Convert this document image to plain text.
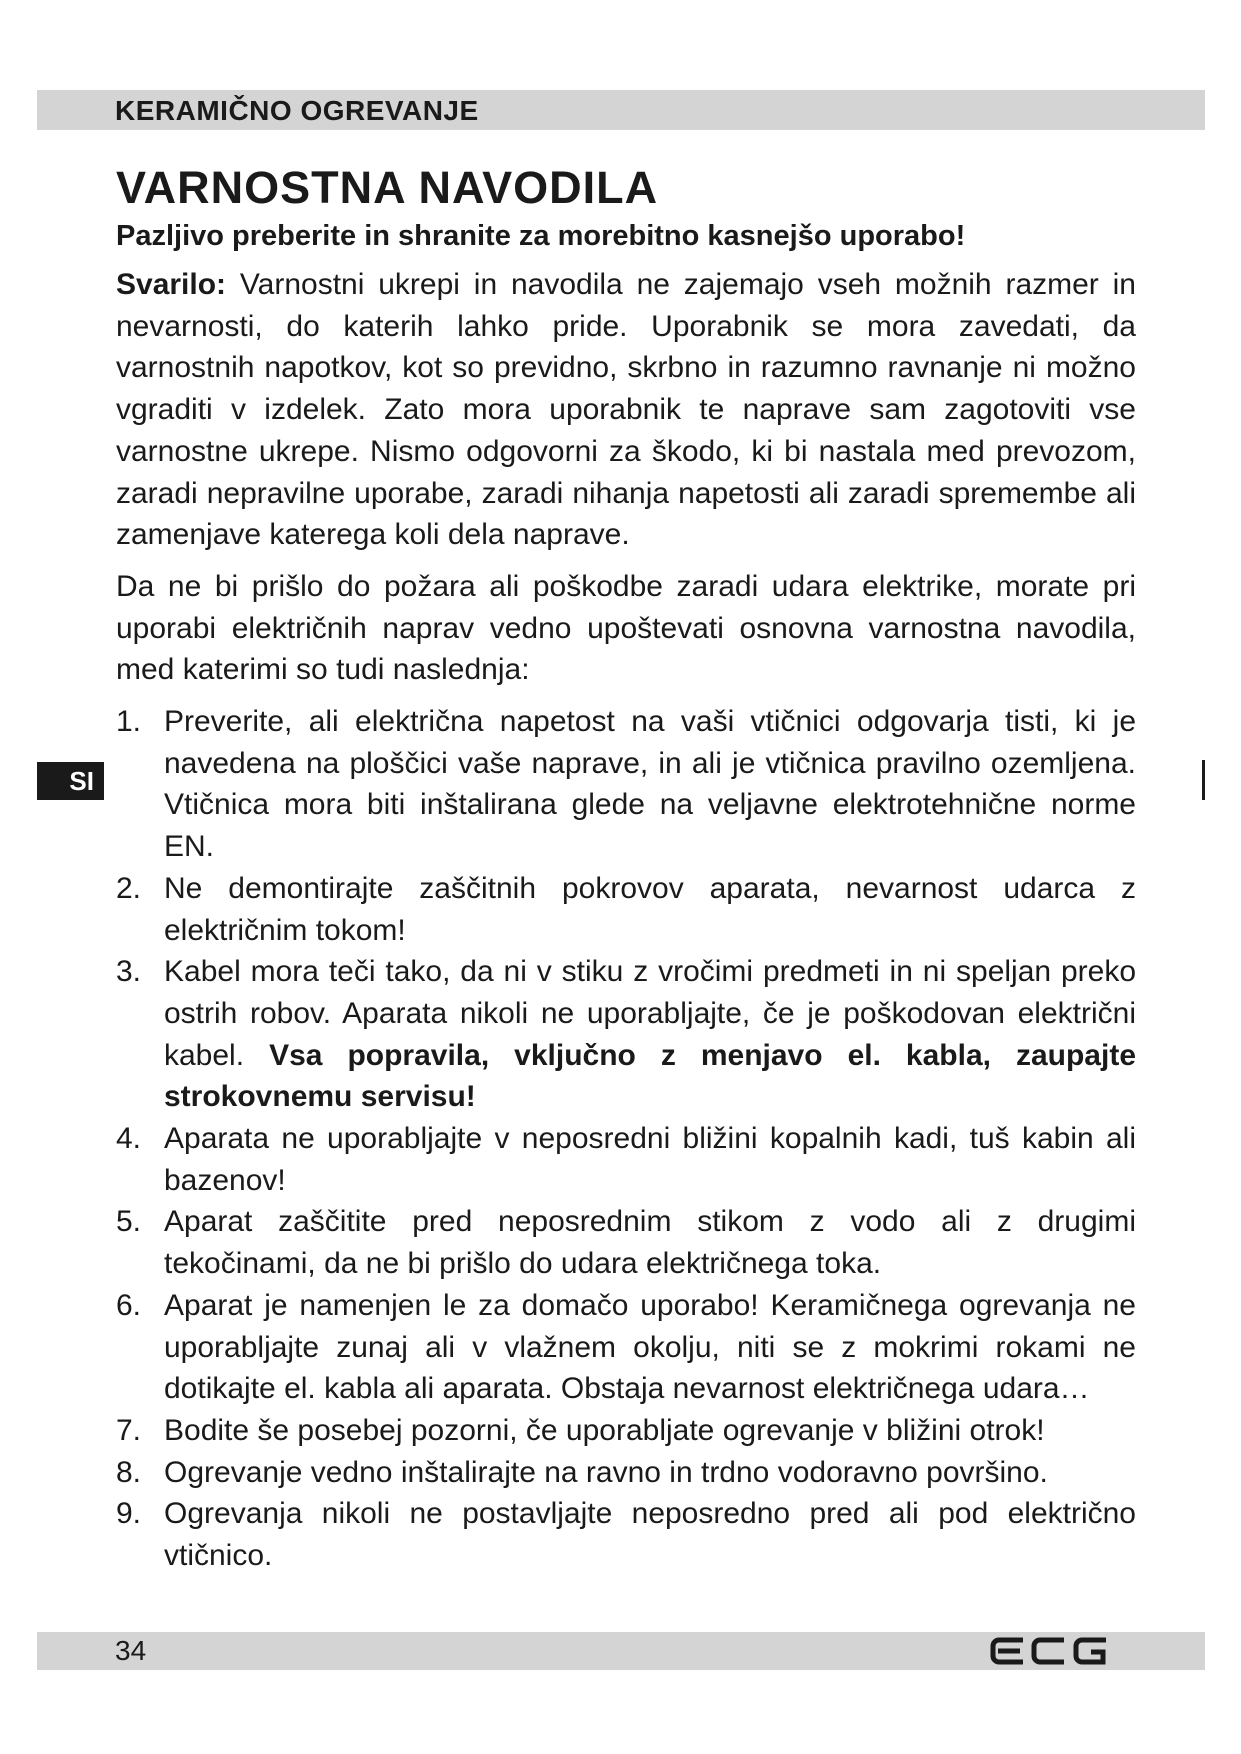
KERAMIČNO OGREVANJE
VARNOSTNA NAVODILA
Pazljivo preberite in shranite za morebitno kasnejšo uporabo!

Svarilo: Varnostni ukrepi in navodila ne zajemajo vseh možnih razmer in nevarnosti, do katerih lahko pride. Uporabnik se mora zavedati, da varnostnih napotkov, kot so previdno, skrbno in razumno ravnanje ni možno vgraditi v izdelek. Zato mora uporabnik te naprave sam zagotoviti vse varnostne ukrepe. Nismo odgovorni za škodo, ki bi nastala med prevozom, zaradi nepravilne uporabe, zaradi nihanja napetosti ali zaradi spremembe ali zamenjave katerega koli dela naprave.

Da ne bi prišlo do požara ali poškodbe zaradi udara elektrike, morate pri uporabi električnih naprav vedno upoštevati osnovna varnostna navodila, med katerimi so tudi naslednja:

1. Preverite, ali električna napetost na vaši vtičnici odgovarja tisti, ki je navedena na ploščici vaše naprave, in ali je vtičnica pravilno ozemljena. Vtičnica mora biti inštalirana glede na veljavne elektrotehnične norme EN.
2. Ne demontirajte zaščitnih pokrovov aparata, nevarnost udarca z električnim tokom!
3. Kabel mora teči tako, da ni v stiku z vročimi predmeti in ni speljan preko ostrih robov. Aparata nikoli ne uporabljajte, če je poškodovan električni kabel. Vsa popravila, vključno z menjavo el. kabla, zaupajte strokovnemu servisu!
4. Aparata ne uporabljajte v neposredni bližini kopalnih kadi, tuš kabin ali bazenov!
5. Aparat zaščitite pred neposrednim stikom z vodo ali z drugimi tekočinami, da ne bi prišlo do udara električnega toka.
6. Aparat je namenjen le za domačo uporabo! Keramičnega ogrevanja ne uporabljajte zunaj ali v vlažnem okolju, niti se z mokrimi rokami ne dotikajte el. kabla ali aparata. Obstaja nevarnost električnega udara…
7. Bodite še posebej pozorni, če uporabljate ogrevanje v bližini otrok!
8. Ogrevanje vedno inštalirajte na ravno in trdno vodoravno površino.
9. Ogrevanja nikoli ne postavljajte neposredno pred ali pod električno vtičnico.
SI
34
